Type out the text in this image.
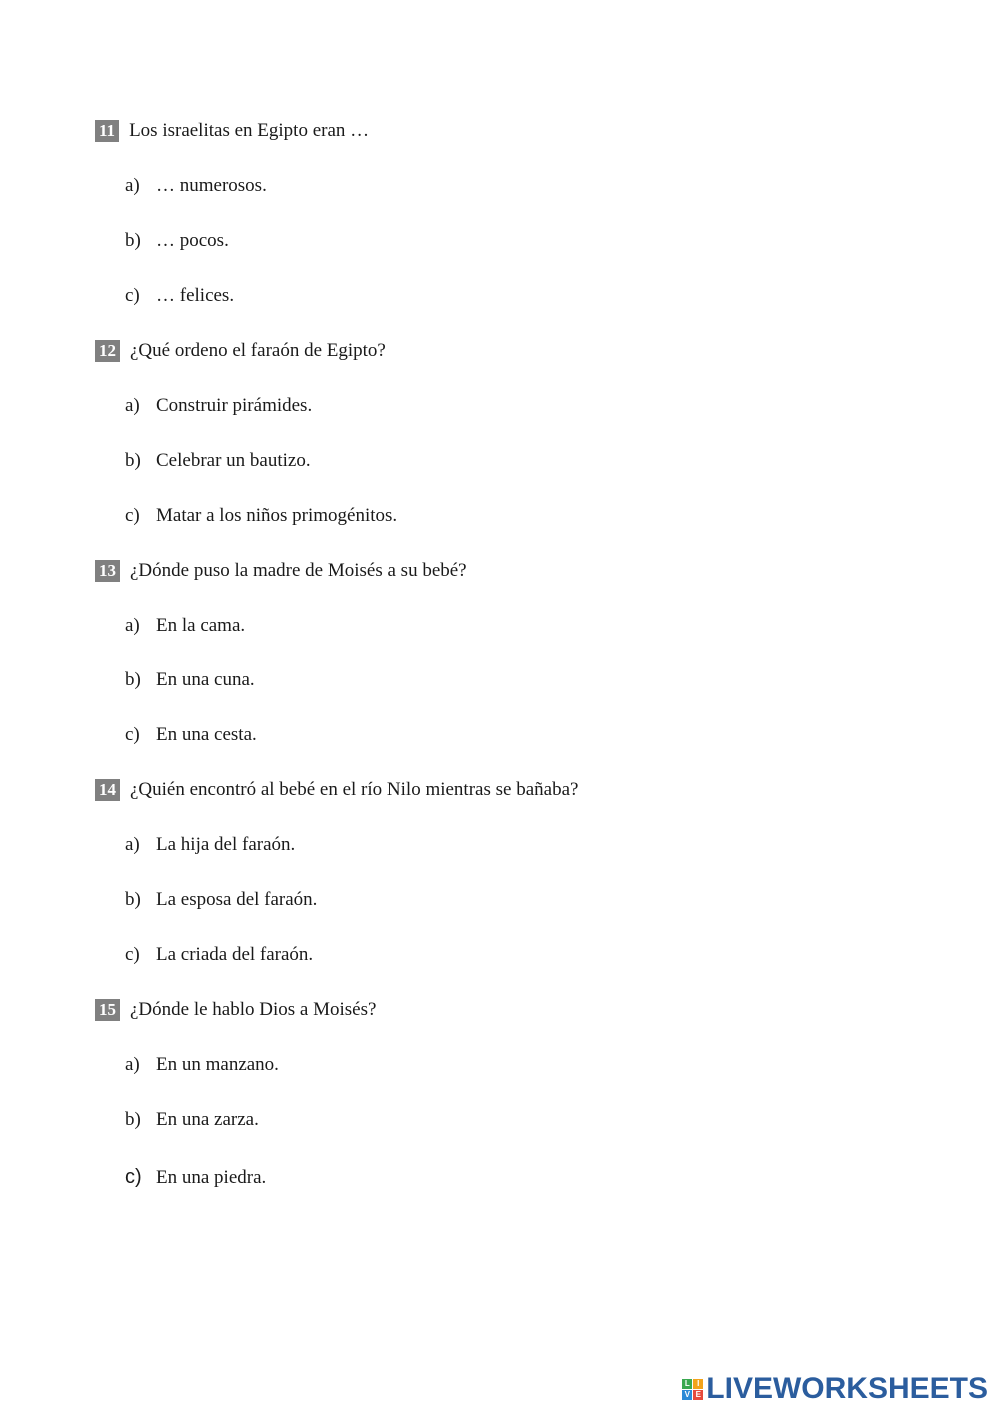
11 Los israelitas en Egipto eran …
a) … numerosos.
b) … pocos.
c) … felices.
12 ¿Qué ordeno el faraón de Egipto?
a) Construir pirámides.
b) Celebrar un bautizo.
c) Matar a los niños primogénitos.
13 ¿Dónde puso la madre de Moisés a su bebé?
a) En la cama.
b) En una cuna.
c) En una cesta.
14 ¿Quién encontró al bebé en el río Nilo mientras se bañaba?
a) La hija del faraón.
b) La esposa del faraón.
c) La criada del faraón.
15 ¿Dónde le hablo Dios a Moisés?
a) En un manzano.
b) En una zarza.
c) En una piedra.
L I
V E LIVEWORKSHEETS
